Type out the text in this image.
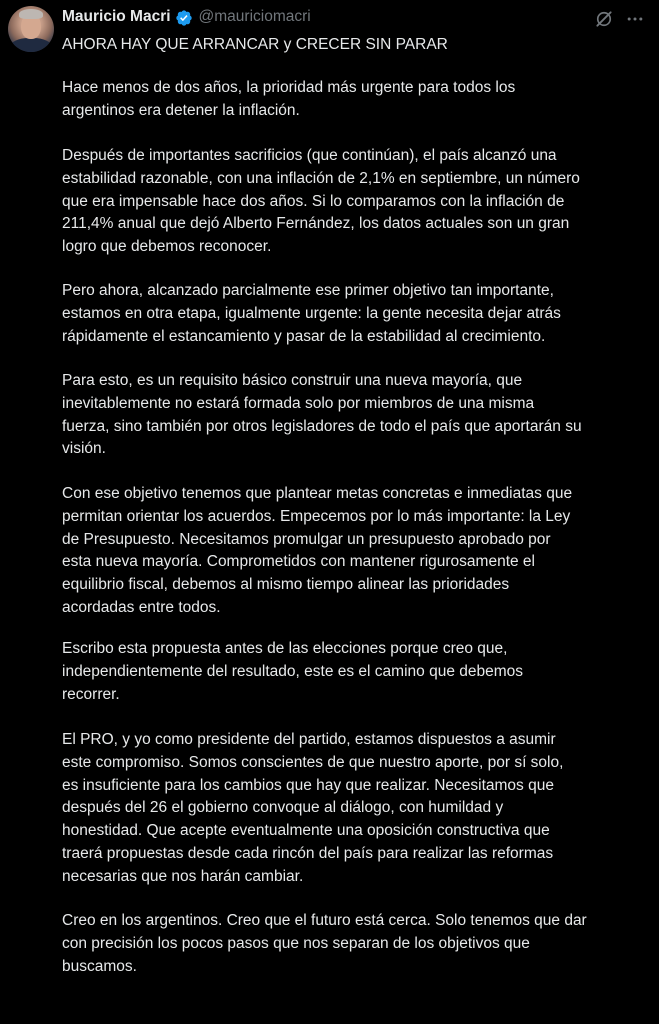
Mauricio Macri @mauriciomacri

AHORA HAY QUE ARRANCAR y CRECER SIN PARAR

Hace menos de dos años, la prioridad más urgente para todos los
argentinos era detener la inflación.

Después de importantes sacrificios (que continúan), el país alcanzó una
estabilidad razonable, con una inflación de 2,1% en septiembre, un número
que era impensable hace dos años. Si lo comparamos con la inflación de
211,4% anual que dejó Alberto Fernández, los datos actuales son un gran
logro que debemos reconocer.

Pero ahora, alcanzado parcialmente ese primer objetivo tan importante,
estamos en otra etapa, igualmente urgente: la gente necesita dejar atrás
rápidamente el estancamiento y pasar de la estabilidad al crecimiento.

Para esto, es un requisito básico construir una nueva mayoría, que
inevitablemente no estará formada solo por miembros de una misma
fuerza, sino también por otros legisladores de todo el país que aportarán su
visión.

Con ese objetivo tenemos que plantear metas concretas e inmediatas que
permitan orientar los acuerdos. Empecemos por lo más importante: la Ley
de Presupuesto. Necesitamos promulgar un presupuesto aprobado por
esta nueva mayoría. Comprometidos con mantener rigurosamente el
equilibrio fiscal, debemos al mismo tiempo alinear las prioridades
acordadas entre todos.

Escribo esta propuesta antes de las elecciones porque creo que,
independientemente del resultado, este es el camino que debemos
recorrer.

El PRO, y yo como presidente del partido, estamos dispuestos a asumir
este compromiso. Somos conscientes de que nuestro aporte, por sí solo,
es insuficiente para los cambios que hay que realizar. Necesitamos que
después del 26 el gobierno convoque al diálogo, con humildad y
honestidad. Que acepte eventualmente una oposición constructiva que
traerá propuestas desde cada rincón del país para realizar las reformas
necesarias que nos harán cambiar.

Creo en los argentinos. Creo que el futuro está cerca. Solo tenemos que dar
con precisión los pocos pasos que nos separan de los objetivos que
buscamos.
